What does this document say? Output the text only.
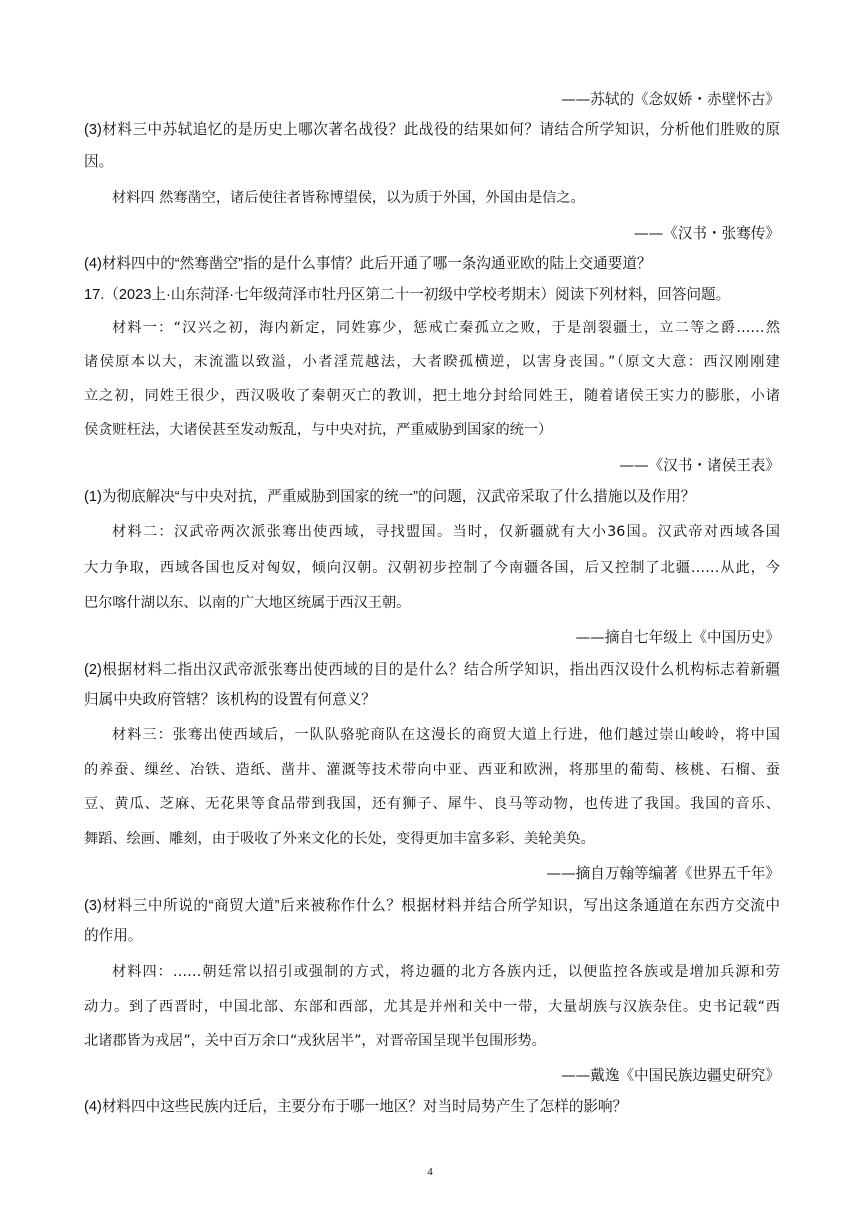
——苏轼的《念奴娇・赤壁怀古》
(3)材料三中苏轼追忆的是历史上哪次著名战役？此战役的结果如何？请结合所学知识，分析他们胜败的原
因。
材料四 然骞凿空，诸后使往者皆称博望侯，以为质于外国，外国由是信之。
——《汉书・张骞传》
(4)材料四中的“然骞凿空”指的是什么事情？此后开通了哪一条沟通亚欧的陆上交通要道？
17.（2023上·山东菏泽·七年级菏泽市牡丹区第二十一初级中学校考期末）阅读下列材料，回答问题。
材料一：“汉兴之初，海内新定，同姓寡少，惩戒亡秦孤立之败，于是剖裂疆土，立二等之爵……然
诸侯原本以大，末流滥以致溢，小者淫荒越法，大者睽孤横逆，以害身丧国。”（原文大意：西汉刚刚建
立之初，同姓王很少，西汉吸收了秦朝灭亡的教训，把土地分封给同姓王，随着诸侯王实力的膨胀，小诸
侯贪赃枉法，大诸侯甚至发动叛乱，与中央对抗，严重威胁到国家的统一）
——《汉书・诸侯王表》
(1)为彻底解决“与中央对抗，严重威胁到国家的统一”的问题，汉武帝采取了什么措施以及作用？
材料二：汉武帝两次派张骞出使西域，寻找盟国。当时，仅新疆就有大小36国。汉武帝对西域各国
大力争取，西域各国也反对匈奴，倾向汉朝。汉朝初步控制了今南疆各国，后又控制了北疆……从此，今
巴尔喀什湖以东、以南的广大地区统属于西汉王朝。
——摘自七年级上《中国历史》
(2)根据材料二指出汉武帝派张骞出使西域的目的是什么？结合所学知识，指出西汉设什么机构标志着新疆
归属中央政府管辖？该机构的设置有何意义？
材料三：张骞出使西域后，一队队骆驼商队在这漫长的商贸大道上行进，他们越过崇山峻岭，将中国
的养蚕、缫丝、冶铁、造纸、凿井、灌溉等技术带向中亚、西亚和欧洲，将那里的葡萄、核桃、石榴、蚕
豆、黄瓜、芝麻、无花果等食品带到我国，还有狮子、犀牛、良马等动物，也传进了我国。我国的音乐、
舞蹈、绘画、雕刻，由于吸收了外来文化的长处，变得更加丰富多彩、美轮美奂。
——摘自万翰等编著《世界五千年》
(3)材料三中所说的“商贸大道”后来被称作什么？根据材料并结合所学知识，写出这条通道在东西方交流中
的作用。
材料四：……朝廷常以招引或强制的方式，将边疆的北方各族内迁，以便监控各族或是增加兵源和劳
动力。到了西晋时，中国北部、东部和西部，尤其是并州和关中一带，大量胡族与汉族杂住。史书记载“西
北诸郡皆为戎居”，关中百万余口“戎狄居半”，对晋帝国呈现半包围形势。
——戴逸《中国民族边疆史研究》
(4)材料四中这些民族内迁后，主要分布于哪一地区？对当时局势产生了怎样的影响？
4
